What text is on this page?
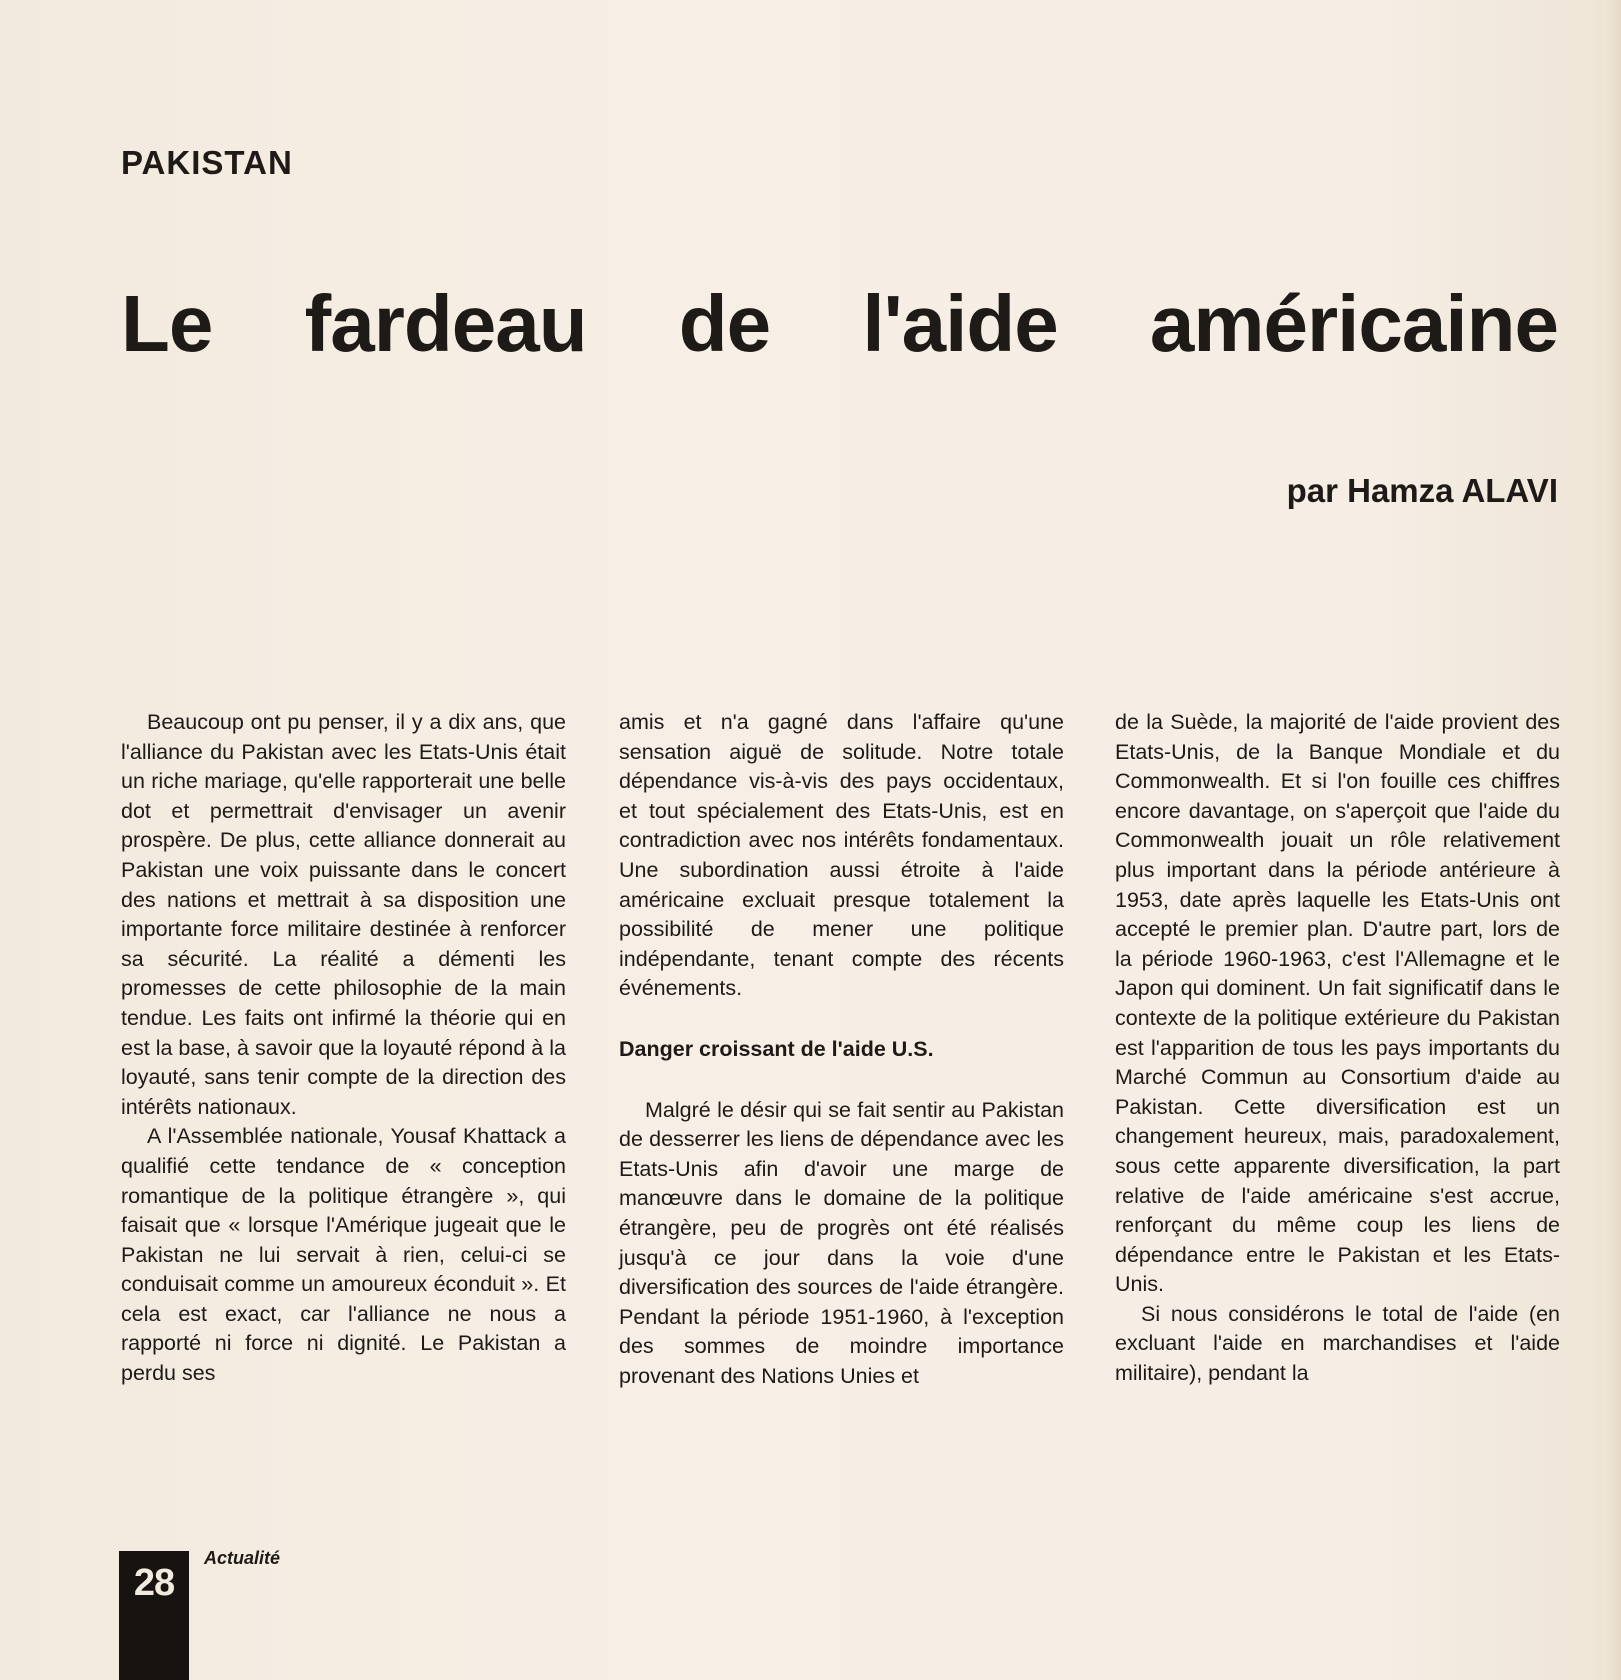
PAKISTAN
Le fardeau de l'aide américaine

par Hamza ALAVI

Beaucoup ont pu penser, il y a dix ans, que l'alliance du Pakistan avec les Etats-Unis était un riche mariage, qu'elle rapporterait une belle dot et permettrait d'envisager un avenir prospère. De plus, cette alliance donnerait au Pakistan une voix puissante dans le concert des nations et mettrait à sa disposition une importante force militaire destinée à renforcer sa sécurité. La réalité a démenti les promesses de cette philosophie de la main tendue. Les faits ont infirmé la théorie qui en est la base, à savoir que la loyauté répond à la loyauté, sans tenir compte de la direction des intérêts nationaux.

A l'Assemblée nationale, Yousaf Khattack a qualifié cette tendance de « conception romantique de la politique étrangère », qui faisait que « lorsque l'Amérique jugeait que le Pakistan ne lui servait à rien, celui-ci se conduisait comme un amoureux éconduit ». Et cela est exact, car l'alliance ne nous a rapporté ni force ni dignité. Le Pakistan a perdu ses

amis et n'a gagné dans l'affaire qu'une sensation aiguë de solitude. Notre totale dépendance vis-à-vis des pays occidentaux, et tout spécialement des Etats-Unis, est en contradiction avec nos intérêts fondamentaux. Une subordination aussi étroite à l'aide américaine excluait presque totalement la possibilité de mener une politique indépendante, tenant compte des récents événements.

Danger croissant de l'aide U.S.

Malgré le désir qui se fait sentir au Pakistan de desserrer les liens de dépendance avec les Etats-Unis afin d'avoir une marge de manœuvre dans le domaine de la politique étrangère, peu de progrès ont été réalisés jusqu'à ce jour dans la voie d'une diversification des sources de l'aide étrangère. Pendant la période 1951-1960, à l'exception des sommes de moindre importance provenant des Nations Unies et

de la Suède, la majorité de l'aide provient des Etats-Unis, de la Banque Mondiale et du Commonwealth. Et si l'on fouille ces chiffres encore davantage, on s'aperçoit que l'aide du Commonwealth jouait un rôle relativement plus important dans la période antérieure à 1953, date après laquelle les Etats-Unis ont accepté le premier plan. D'autre part, lors de la période 1960-1963, c'est l'Allemagne et le Japon qui dominent. Un fait significatif dans le contexte de la politique extérieure du Pakistan est l'apparition de tous les pays importants du Marché Commun au Consortium d'aide au Pakistan. Cette diversification est un changement heureux, mais, paradoxalement, sous cette apparente diversification, la part relative de l'aide américaine s'est accrue, renforçant du même coup les liens de dépendance entre le Pakistan et les Etats-Unis.

Si nous considérons le total de l'aide (en excluant l'aide en marchandises et l'aide militaire), pendant la

28
Actualité
